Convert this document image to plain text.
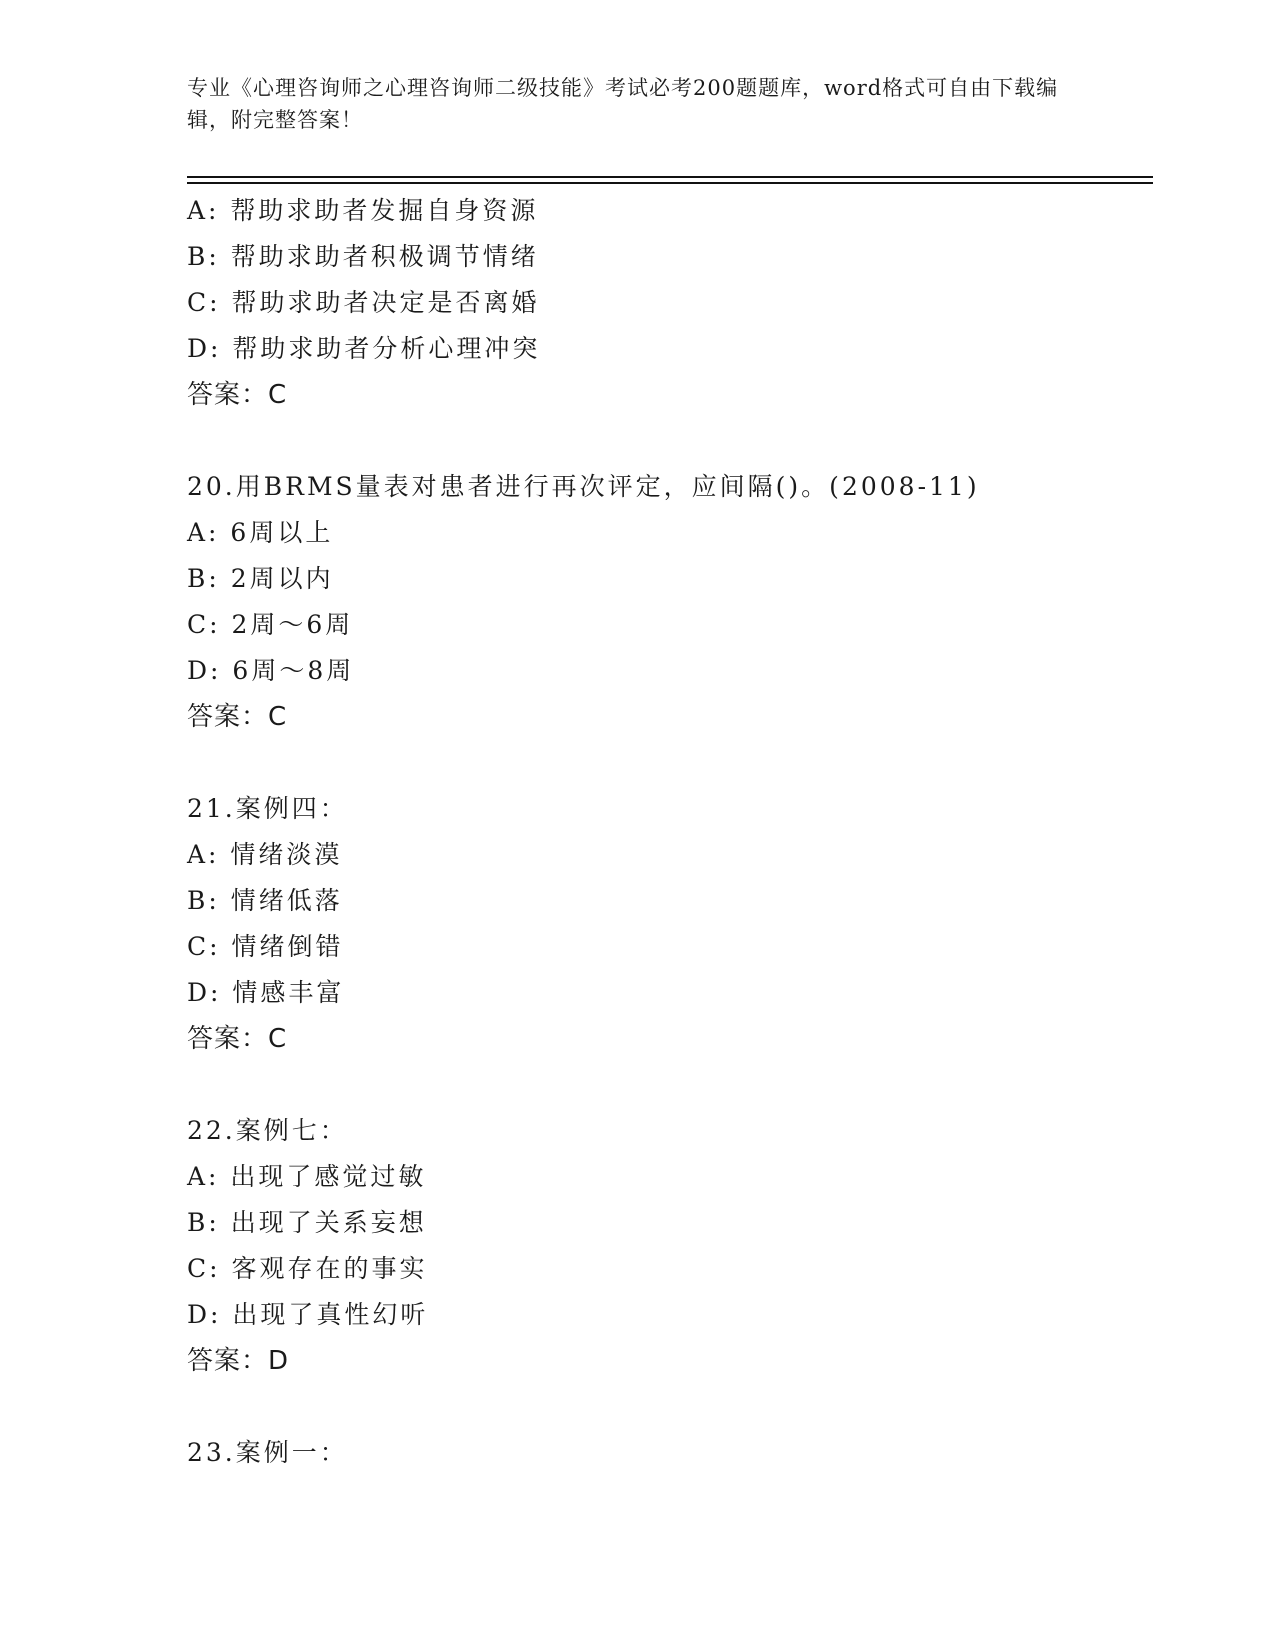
专业《心理咨询师之心理咨询师二级技能》考试必考200题题库，word格式可自由下载编辑，附完整答案！
A: 帮助求助者发掘自身资源
B: 帮助求助者积极调节情绪
C: 帮助求助者决定是否离婚
D: 帮助求助者分析心理冲突
答案：C
20.用BRMS量表对患者进行再次评定，应间隔()。(2008-11)
A: 6周以上
B: 2周以内
C: 2周～6周
D: 6周～8周
答案：C
21.案例四：
A: 情绪淡漠
B: 情绪低落
C: 情绪倒错
D: 情感丰富
答案：C
22.案例七：
A: 出现了感觉过敏
B: 出现了关系妄想
C: 客观存在的事实
D: 出现了真性幻听
答案：D
23.案例一：
